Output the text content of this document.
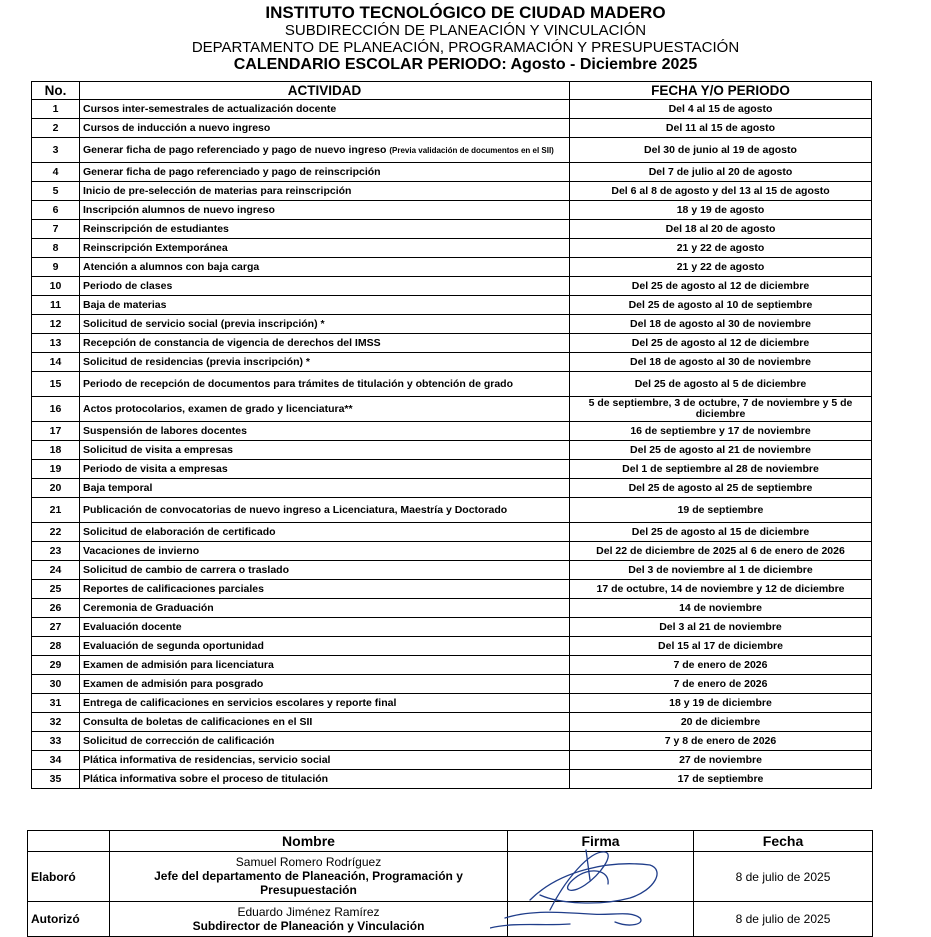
INSTITUTO TECNOLÓGICO DE CIUDAD MADERO
SUBDIRECCIÓN DE PLANEACIÓN Y VINCULACIÓN
DEPARTAMENTO DE PLANEACIÓN, PROGRAMACIÓN Y PRESUPUESTACIÓN
CALENDARIO ESCOLAR PERIODO: Agosto - Diciembre 2025
No.	ACTIVIDAD	FECHA Y/O PERIODO
1	Cursos inter-semestrales de actualización docente	Del 4 al 15 de agosto
2	Cursos de inducción a nuevo ingreso	Del 11 al 15 de agosto
3	Generar ficha de pago referenciado y pago de nuevo ingreso (Previa validación de documentos en el SII)	Del 30 de junio al 19 de agosto
4	Generar ficha de pago referenciado y pago de reinscripción	Del 7 de julio al 20 de agosto
5	Inicio de pre-selección de materias para reinscripción	Del 6 al 8 de agosto y del 13 al 15 de agosto
6	Inscripción alumnos de nuevo ingreso	18 y 19 de agosto
7	Reinscripción de estudiantes	Del 18 al 20 de agosto
8	Reinscripción Extemporánea	21 y 22 de agosto
9	Atención a alumnos con baja carga	21 y 22 de agosto
10	Periodo de clases	Del 25 de agosto al 12 de diciembre
11	Baja de materias	Del 25 de agosto al 10 de septiembre
12	Solicitud de servicio social (previa inscripción) *	Del 18 de agosto al 30 de noviembre
13	Recepción de constancia de vigencia de derechos del IMSS	Del 25 de agosto al 12 de diciembre
14	Solicitud de residencias (previa inscripción) *	Del 18 de agosto al 30 de noviembre
15	Periodo de recepción de documentos para trámites de titulación y obtención de grado	Del 25 de agosto al 5 de diciembre
16	Actos protocolarios, examen de grado y licenciatura**	5 de septiembre, 3 de octubre, 7 de noviembre y 5 de diciembre
17	Suspensión de labores docentes	16 de septiembre y 17 de noviembre
18	Solicitud de visita a empresas	Del 25 de agosto al 21 de noviembre
19	Periodo de visita a empresas	Del 1 de septiembre al 28 de noviembre
20	Baja temporal	Del 25 de agosto al 25 de septiembre
21	Publicación de convocatorias de nuevo ingreso a Licenciatura, Maestría y Doctorado	19 de septiembre
22	Solicitud de elaboración de certificado	Del 25 de agosto al 15 de diciembre
23	Vacaciones de invierno	Del 22 de diciembre de 2025 al 6 de enero de 2026
24	Solicitud de cambio de carrera o traslado	Del 3 de noviembre al 1 de diciembre
25	Reportes de calificaciones parciales	17 de octubre, 14 de noviembre y 12 de diciembre
26	Ceremonia de Graduación	14 de noviembre
27	Evaluación docente	Del 3 al 21 de noviembre
28	Evaluación de segunda oportunidad	Del 15 al 17 de diciembre
29	Examen de admisión para licenciatura	7 de enero de 2026
30	Examen de admisión para posgrado	7 de enero de 2026
31	Entrega de calificaciones en servicios escolares y reporte final	18 y 19 de diciembre
32	Consulta de boletas de calificaciones en el SII	20 de diciembre
33	Solicitud de corrección de calificación	7 y 8 de enero de 2026
34	Plática informativa de residencias, servicio social	27 de noviembre
35	Plática informativa sobre el proceso de titulación	17 de septiembre
	Nombre	Firma	Fecha
Elaboró	Samuel Romero Rodríguez
Jefe del departamento de Planeación, Programación y Presupuestación		8 de julio de 2025
Autorizó	Eduardo Jiménez Ramírez
Subdirector de Planeación y Vinculación		8 de julio de 2025
